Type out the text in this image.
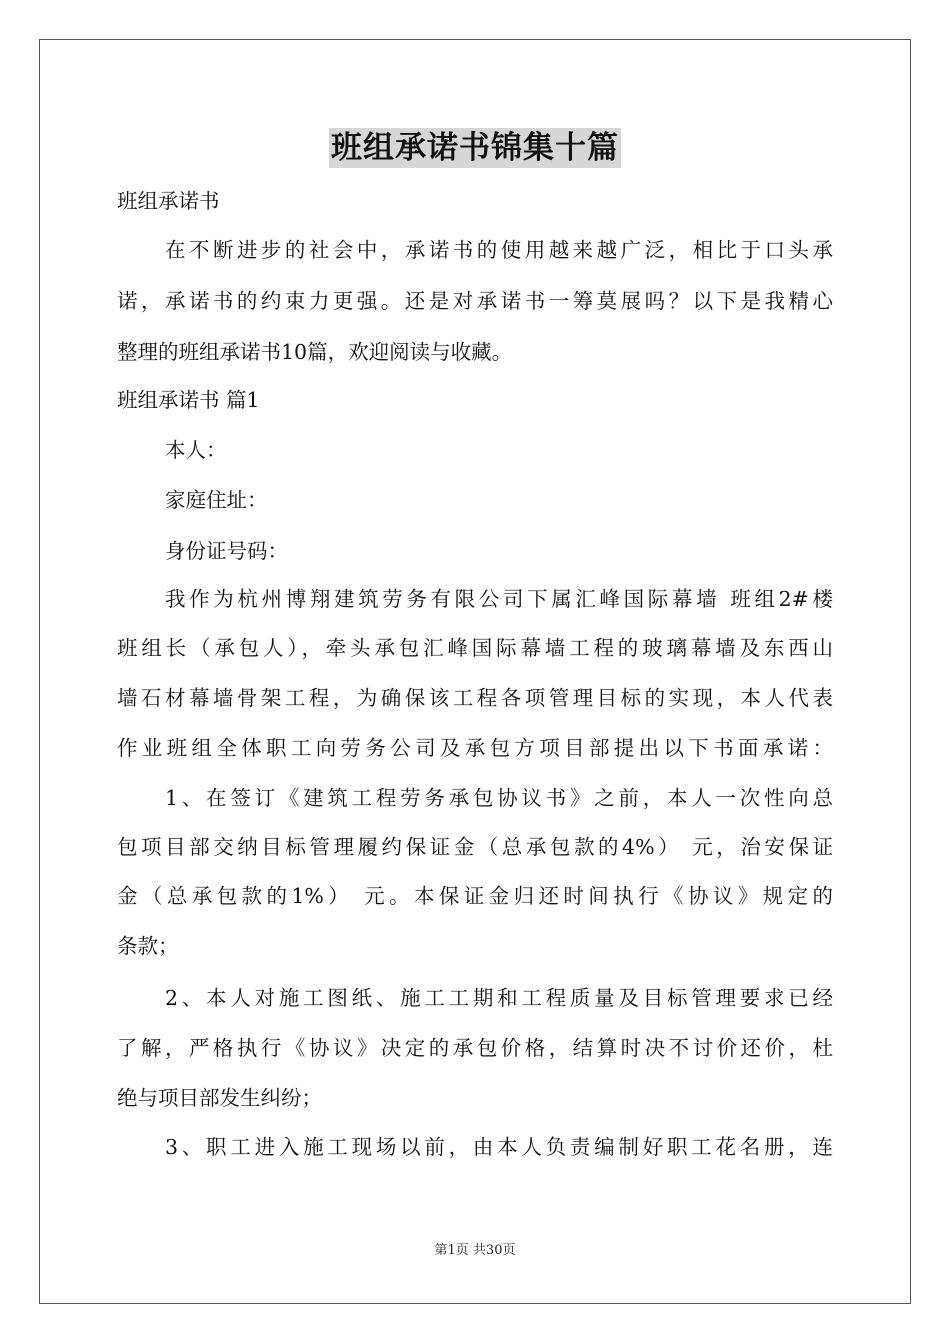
班组承诺书锦集十篇
班组承诺书
在不断进步的社会中，承诺书的使用越来越广泛，相比于口头承
诺，承诺书的约束力更强。还是对承诺书一筹莫展吗？以下是我精心
整理的班组承诺书10篇，欢迎阅读与收藏。
班组承诺书 篇1
本人：
家庭住址：
身份证号码：
我作为杭州博翔建筑劳务有限公司下属汇峰国际幕墙 班组2#楼
班组长（承包人），牵头承包汇峰国际幕墙工程的玻璃幕墙及东西山
墙石材幕墙骨架工程，为确保该工程各项管理目标的实现，本人代表
作业班组全体职工向劳务公司及承包方项目部提出以下书面承诺：
1、在签订《建筑工程劳务承包协议书》之前，本人一次性向总
包项目部交纳目标管理履约保证金（总承包款的4%） 元，治安保证
金（总承包款的1%） 元。本保证金归还时间执行《协议》规定的
条款；
2、本人对施工图纸、施工工期和工程质量及目标管理要求已经
了解，严格执行《协议》决定的承包价格，结算时决不讨价还价，杜
绝与项目部发生纠纷；
3、职工进入施工现场以前，由本人负责编制好职工花名册，连
第1页 共30页
